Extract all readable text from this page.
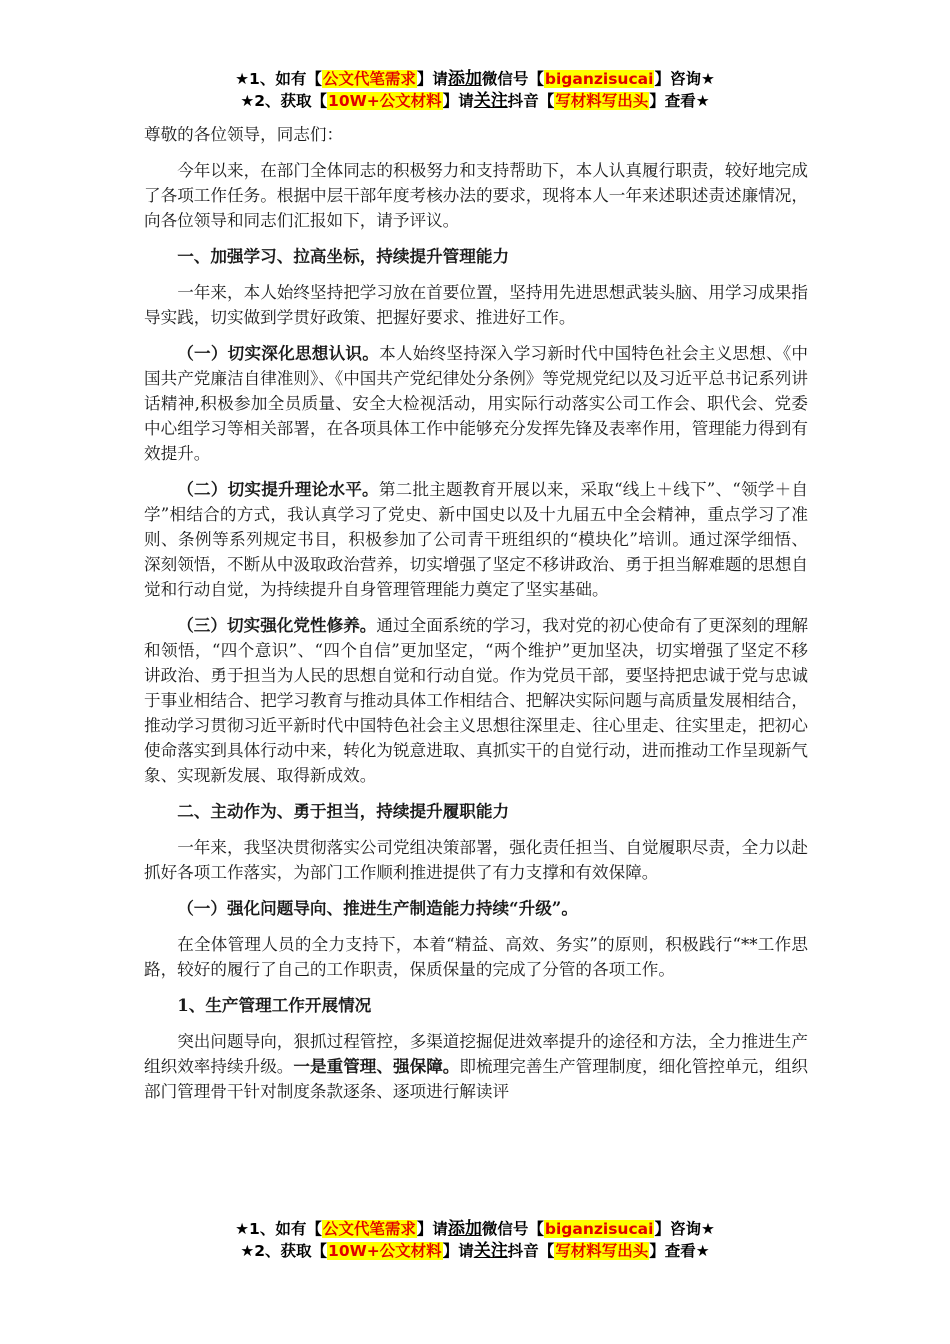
★1、如有【公文代笔需求】请添加微信号【biganzisucai】咨询★
★2、获取【10W+公文材料】请关注抖音【写材料写出头】查看★

尊敬的各位领导，同志们：

今年以来，在部门全体同志的积极努力和支持帮助下，本人认真履行职责，较好地完成了各项工作任务。根据中层干部年度考核办法的要求，现将本人一年来述职述责述廉情况，向各位领导和同志们汇报如下，请予评议。

一、加强学习、拉高坐标，持续提升管理能力

一年来，本人始终坚持把学习放在首要位置，坚持用先进思想武装头脑、用学习成果指导实践，切实做到学贯好政策、把握好要求、推进好工作。

（一）切实深化思想认识。本人始终坚持深入学习新时代中国特色社会主义思想、《中国共产党廉洁自律准则》、《中国共产党纪律处分条例》等党规党纪以及习近平总书记系列讲话精神,积极参加全员质量、安全大检视活动，用实际行动落实公司工作会、职代会、党委中心组学习等相关部署，在各项具体工作中能够充分发挥先锋及表率作用，管理能力得到有效提升。

（二）切实提升理论水平。第二批主题教育开展以来，采取“线上＋线下”、“领学＋自学”相结合的方式，我认真学习了党史、新中国史以及十九届五中全会精神，重点学习了准则、条例等系列规定书目，积极参加了公司青干班组织的“模块化”培训。通过深学细悟、深刻领悟，不断从中汲取政治营养，切实增强了坚定不移讲政治、勇于担当解难题的思想自觉和行动自觉，为持续提升自身管理管理能力奠定了坚实基础。

（三）切实强化党性修养。通过全面系统的学习，我对党的初心使命有了更深刻的理解和领悟，“四个意识”、“四个自信”更加坚定，“两个维护”更加坚决，切实增强了坚定不移讲政治、勇于担当为人民的思想自觉和行动自觉。作为党员干部，要坚持把忠诚于党与忠诚于事业相结合、把学习教育与推动具体工作相结合、把解决实际问题与高质量发展相结合，推动学习贯彻习近平新时代中国特色社会主义思想往深里走、往心里走、往实里走，把初心使命落实到具体行动中来，转化为锐意进取、真抓实干的自觉行动，进而推动工作呈现新气象、实现新发展、取得新成效。

二、主动作为、勇于担当，持续提升履职能力

一年来，我坚决贯彻落实公司党组决策部署，强化责任担当、自觉履职尽责，全力以赴抓好各项工作落实，为部门工作顺利推进提供了有力支撑和有效保障。

（一）强化问题导向、推进生产制造能力持续“升级”。

在全体管理人员的全力支持下，本着“精益、高效、务实”的原则，积极践行“**工作思路，较好的履行了自己的工作职责，保质保量的完成了分管的各项工作。

1、生产管理工作开展情况

突出问题导向，狠抓过程管控，多渠道挖掘促进效率提升的途径和方法，全力推进生产组织效率持续升级。一是重管理、强保障。即梳理完善生产管理制度，细化管控单元，组织部门管理骨干针对制度条款逐条、逐项进行解读评

★1、如有【公文代笔需求】请添加微信号【biganzisucai】咨询★
★2、获取【10W+公文材料】请关注抖音【写材料写出头】查看★
